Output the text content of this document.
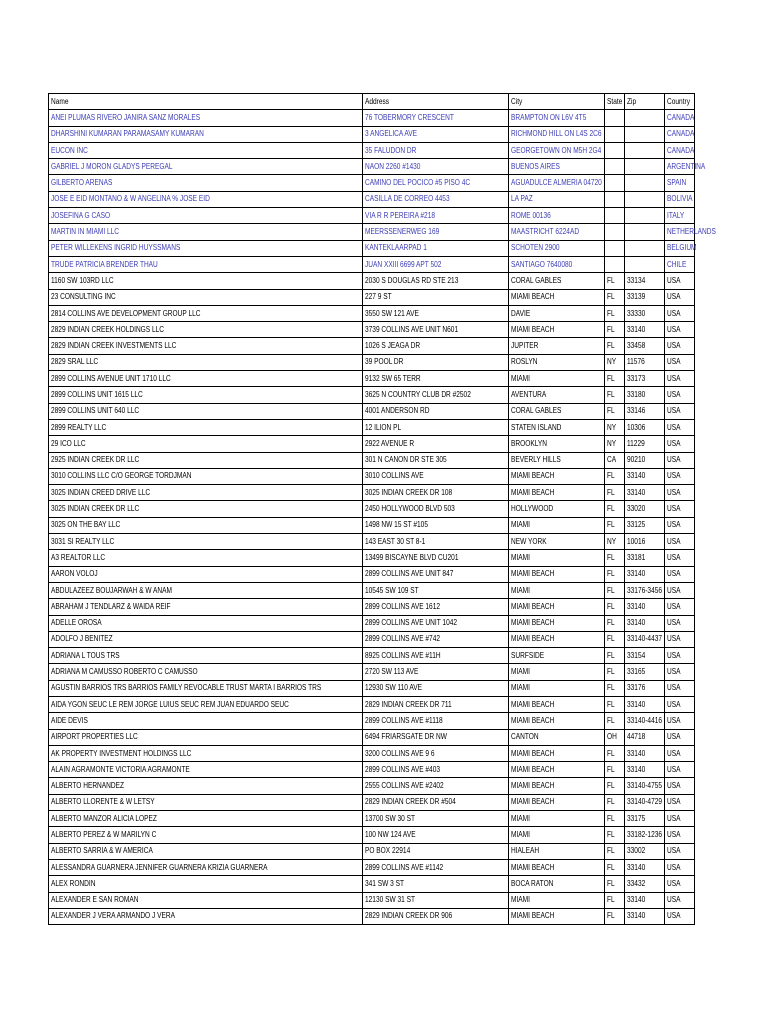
Name	Address	City	State	Zip	Country
ANEI PLUMAS RIVERO JANIRA SANZ MORALES	76 TOBERMORY CRESCENT	BRAMPTON ON L6V 4T5			CANADA
DHARSHINI KUMARAN PARAMASAMY KUMARAN	3 ANGELICA AVE	RICHMOND HILL ON L4S 2C6			CANADA
EUCON INC	35 FALUDON DR	GEORGETOWN ON M5H 2G4			CANADA
GABRIEL J MORON GLADYS PEREGAL	NAON 2260 #1430	BUENOS AIRES			ARGENTINA
GILBERTO ARENAS	CAMINO DEL POCICO #5 PISO 4C	AGUADULCE ALMERIA 04720			SPAIN
JOSE E EID MONTANO & W ANGELINA % JOSE EID	CASILLA DE CORREO 4453	LA PAZ			BOLIVIA
JOSEFINA G CASO	VIA R R PEREIRA #218	ROME 00136			ITALY
MARTIN IN MIAMI LLC	MEERSSENERWEG 169	MAASTRICHT 6224AD			NETHERLANDS
PETER WILLEKENS INGRID HUYSSMANS	KANTEKLAARPAD 1	SCHOTEN 2900			BELGIUM
TRUDE PATRICIA BRENDER THAU	JUAN XXIII 6699 APT 502	SANTIAGO 7640080			CHILE
1160 SW 103RD LLC	2030 S DOUGLAS RD STE 213	CORAL GABLES	FL	33134	USA
23 CONSULTING INC	227 9 ST	MIAMI BEACH	FL	33139	USA
2814 COLLINS AVE DEVELOPMENT GROUP LLC	3550 SW 121 AVE	DAVIE	FL	33330	USA
2829 INDIAN CREEK HOLDINGS LLC	3739 COLLINS AVE UNIT N601	MIAMI BEACH	FL	33140	USA
2829 INDIAN CREEK INVESTMENTS LLC	1026 S JEAGA DR	JUPITER	FL	33458	USA
2829 SRAL LLC	39 POOL DR	ROSLYN	NY	11576	USA
2899 COLLINS AVENUE UNIT 1710 LLC	9132 SW 65 TERR	MIAMI	FL	33173	USA
2899 COLLINS UNIT 1615 LLC	3625 N COUNTRY CLUB DR #2502	AVENTURA	FL	33180	USA
2899 COLLINS UNIT 640 LLC	4001 ANDERSON RD	CORAL GABLES	FL	33146	USA
2899 REALTY LLC	12 ILION PL	STATEN ISLAND	NY	10306	USA
29 ICO LLC	2922 AVENUE R	BROOKLYN	NY	11229	USA
2925 INDIAN CREEK DR LLC	301 N CANON DR STE 305	BEVERLY HILLS	CA	90210	USA
3010 COLLINS LLC C/O GEORGE TORDJMAN	3010 COLLINS AVE	MIAMI BEACH	FL	33140	USA
3025 INDIAN CREED DRIVE LLC	3025 INDIAN CREEK DR 108	MIAMI BEACH	FL	33140	USA
3025 INDIAN CREEK DR LLC	2450 HOLLYWOOD BLVD 503	HOLLYWOOD	FL	33020	USA
3025 ON THE BAY LLC	1498 NW 15 ST #105	MIAMI	FL	33125	USA
3031 SI REALTY LLC	143 EAST 30 ST 8-1	NEW YORK	NY	10016	USA
A3 REALTOR LLC	13499 BISCAYNE BLVD CU201	MIAMI	FL	33181	USA
AARON VOLOJ	2899 COLLINS AVE UNIT 847	MIAMI BEACH	FL	33140	USA
ABDULAZEEZ BOUJARWAH & W ANAM	10545 SW 109 ST	MIAMI	FL	33176-3456	USA
ABRAHAM J TENDLARZ & WAIDA REIF	2899 COLLINS AVE 1612	MIAMI BEACH	FL	33140	USA
ADELLE OROSA	2899 COLLINS AVE UNIT 1042	MIAMI BEACH	FL	33140	USA
ADOLFO J BENITEZ	2899 COLLINS AVE #742	MIAMI BEACH	FL	33140-4437	USA
ADRIANA L TOUS TRS	8925 COLLINS AVE #11H	SURFSIDE	FL	33154	USA
ADRIANA M CAMUSSO ROBERTO C CAMUSSO	2720 SW 113 AVE	MIAMI	FL	33165	USA
AGUSTIN BARRIOS TRS BARRIOS FAMILY REVOCABLE TRUST MARTA I BARRIOS TRS	12930 SW 110 AVE	MIAMI	FL	33176	USA
AIDA YGON SEUC LE REM JORGE LUIUS SEUC REM JUAN EDUARDO SEUC	2829 INDIAN CREEK DR 711	MIAMI BEACH	FL	33140	USA
AIDE DEVIS	2899 COLLINS AVE #1118	MIAMI BEACH	FL	33140-4416	USA
AIRPORT PROPERTIES LLC	6494 FRIARSGATE DR NW	CANTON	OH	44718	USA
AK PROPERTY INVESTMENT HOLDINGS LLC	3200 COLLINS AVE 9 6	MIAMI BEACH	FL	33140	USA
ALAIN AGRAMONTE VICTORIA AGRAMONTE	2899 COLLINS AVE #403	MIAMI BEACH	FL	33140	USA
ALBERTO HERNANDEZ	2555 COLLINS AVE #2402	MIAMI BEACH	FL	33140-4755	USA
ALBERTO LLORENTE & W LETSY	2829 INDIAN CREEK DR #504	MIAMI BEACH	FL	33140-4729	USA
ALBERTO MANZOR ALICIA LOPEZ	13700 SW 30 ST	MIAMI	FL	33175	USA
ALBERTO PEREZ & W MARILYN C	100 NW 124 AVE	MIAMI	FL	33182-1236	USA
ALBERTO SARRIA & W AMERICA	PO BOX 22914	HIALEAH	FL	33002	USA
ALESSANDRA GUARNERA JENNIFER GUARNERA KRIZIA GUARNERA	2899 COLLINS AVE #1142	MIAMI BEACH	FL	33140	USA
ALEX RONDIN	341 SW 3 ST	BOCA RATON	FL	33432	USA
ALEXANDER E SAN ROMAN	12130 SW 31 ST	MIAMI	FL	33140	USA
ALEXANDER J VERA ARMANDO J VERA	2829 INDIAN CREEK DR 906	MIAMI BEACH	FL	33140	USA
